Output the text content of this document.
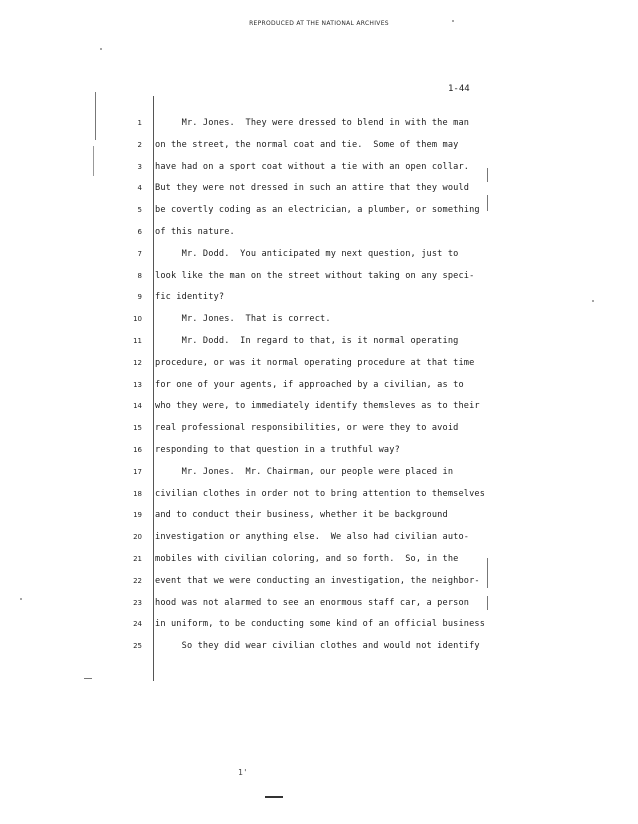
REPRODUCED AT THE NATIONAL ARCHIVES
1-44
1 Mr. Jones.  They were dressed to blend in with the man
2 on the street, the normal coat and tie.  Some of them may
3 have had on a sport coat without a tie with an open collar.
4 But they were not dressed in such an attire that they would
5 be covertly coding as an electrician, a plumber, or something
6 of this nature.
7 Mr. Dodd.  You anticipated my next question, just to
8 look like the man on the street without taking on any speci-
9 fic identity?
10 Mr. Jones.  That is correct.
11 Mr. Dodd.  In regard to that, is it normal operating
12 procedure, or was it normal operating procedure at that time
13 for one of your agents, if approached by a civilian, as to
14 who they were, to immediately identify themsleves as to their
15 real professional responsibilities, or were they to avoid
16 responding to that question in a truthful way?
17 Mr. Jones.  Mr. Chairman, our people were placed in
18 civilian clothes in order not to bring attention to themselves
19 and to conduct their business, whether it be background
20 investigation or anything else.  We also had civilian auto-
21 mobiles with civilian coloring, and so forth.  So, in the
22 event that we were conducting an investigation, the neighbor-
23 hood was not alarmed to see an enormous staff car, a person
24 in uniform, to be conducting some kind of an official business
25 So they did wear civilian clothes and would not identify
1'
